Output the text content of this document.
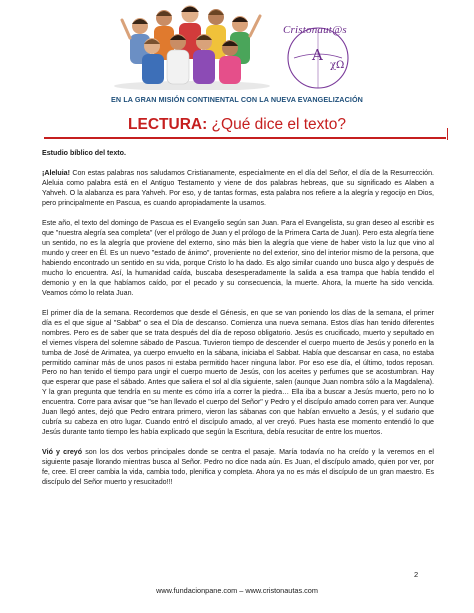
Cristonaut@s
A
χΩ
EN LA GRAN MISIÓN CONTINENTAL CON LA NUEVA EVANGELIZACIÓN
LECTURA: ¿Qué dice el texto?

Estudio bíblico del texto.

¡Aleluia! Con estas palabras nos saludamos Cristianamente, especialmente en el día del Señor, el día de la Resurrección. Aleluia como palabra está en el Antiguo Testamento y viene de dos palabras hebreas, que su significado es Alaben a Yahveh. O la alabanza es para Yahveh. Por eso, y de tantas formas, esta palabra nos refiere a la alegría y regocijo en Dios, pero principalmente en Pascua, es cuando apropiadamente la usamos.

Este año, el texto del domingo de Pascua es el Evangelio según san Juan. Para el Evangelista, su gran deseo al escribir es que "nuestra alegría sea completa" (ver el prólogo de Juan y el prólogo de la Primera Carta de Juan). Pero esta alegría tiene un sentido, no es la alegría que proviene del externo, sino más bien la alegría que viene de haber visto la luz que vino al mundo y creer en Él. Es un nuevo "estado de ánimo", proveniente no del exterior, sino del interior mismo de la persona, que habiendo encontrado un sentido en su vida, porque Cristo lo ha dado. Es algo similar cuando uno busca algo y después de mucho lo encuentra. Así, la humanidad caída, buscaba desesperadamente la salida a esa trampa que había tendido el demonio y en la que habíamos caído, por el pecado y su consecuencia, la muerte. Ahora, la muerte ha sido vencida. Veamos cómo lo relata Juan.

El primer día de la semana. Recordemos que desde el Génesis, en que se van poniendo los días de la semana, el primer día es el que sigue al "Sabbat" o sea el Día de descanso. Comienza una nueva semana. Estos días han tenido diferentes nombres. Pero es de saber que se trata después del día de reposo obligatorio. Jesús es crucificado, muerto y sepultado en el viernes víspera del solemne sábado de Pascua. Tuvieron tiempo de descender el cuerpo muerto de Jesús y ponerlo en la tumba de José de Arimatea, ya cuerpo envuelto en la sábana, iniciaba el Sabbat. Había que descansar en casa, no estaba permitido caminar más de unos pasos ni estaba permitido hacer ninguna labor. Por eso ese día, el último, todos reposan. Pero no han tenido el tiempo para ungir el cuerpo muerto de Jesús, con los aceites y perfumes que se acostumbran. Hay que esperar que pase el sábado. Antes que saliera el sol al día siguiente, salen (aunque Juan nombra sólo a la Magdalena). Y la gran pregunta que tendría en su mente es cómo iría a correr la piedra… Ella iba a buscar a Jesús muerto, pero no lo encuentra. Corre para avisar que "se han llevado el cuerpo del Señor" y Pedro y el discípulo amado corren para ver. Aunque Juan llegó antes, dejó que Pedro entrara primero, vieron las sábanas con que habían envuelto a Jesús, y el sudario que cubría su cabeza en otro lugar. Cuando entró el discípulo amado, al ver creyó. Pues hasta ese momento entendió lo que Jesús durante tanto tiempo les había explicado que según la Escritura, debía resucitar de entre los muertos.

Vió y creyó son los dos verbos principales donde se centra el pasaje. María todavía no ha creído y la veremos en el siguiente pasaje llorando mientras busca al Señor. Pedro no dice nada aún. Es Juan, el discípulo amado, quien por ver, por fe, cree. El creer cambia la vida, cambia todo, plenifica y completa. Ahora ya no es más el discípulo de un gran maestro. Es discípulo del Señor muerto y resucitado!!!

2
www.fundacionpane.com – www.cristonautas.com
